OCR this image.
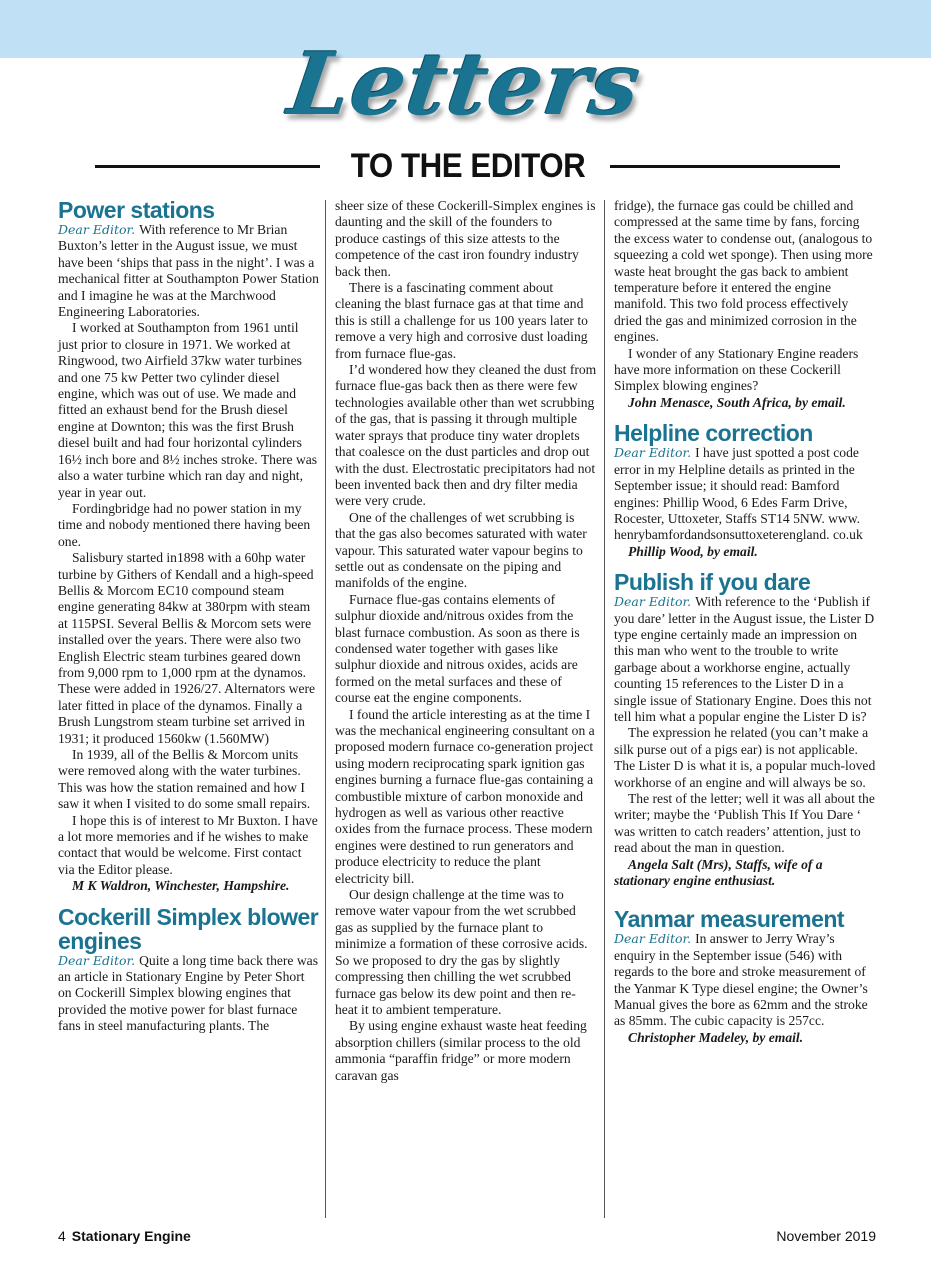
Letters
TO THE EDITOR
Power stations

Dear Editor. With reference to Mr Brian Buxton’s letter in the August issue, we must have been ‘ships that pass in the night’. I was a mechanical fitter at Southampton Power Station and I imagine he was at the Marchwood Engineering Laboratories.

I worked at Southampton from 1961 until just prior to closure in 1971. We worked at Ringwood, two Airfield 37kw water turbines and one 75 kw Petter two cylinder diesel engine, which was out of use. We made and fitted an exhaust bend for the Brush diesel engine at Downton; this was the first Brush diesel built and had four horizontal cylinders 16½ inch bore and 8½ inches stroke. There was also a water turbine which ran day and night, year in year out.

Fordingbridge had no power station in my time and nobody mentioned there having been one.

Salisbury started in1898 with a 60hp water turbine by Githers of Kendall and a high-speed Bellis & Morcom EC10 compound steam engine generating 84kw at 380rpm with steam at 115PSI. Several Bellis & Morcom sets were installed over the years. There were also two English Electric steam turbines geared down from 9,000 rpm to 1,000 rpm at the dynamos. These were added in 1926/27. Alternators were later fitted in place of the dynamos. Finally a Brush Lungstrom steam turbine set arrived in 1931; it produced 1560kw (1.560MW)

In 1939, all of the Bellis & Morcom units were removed along with the water turbines. This was how the station remained and how I saw it when I visited to do some small repairs.

I hope this is of interest to Mr Buxton. I have a lot more memories and if he wishes to make contact that would be welcome. First contact via the Editor please.

M K Waldron, Winchester, Hampshire.

Cockerill Simplex blower engines

Dear Editor. Quite a long time back there was an article in Stationary Engine by Peter Short on Cockerill Simplex blowing engines that provided the motive power for blast furnace fans in steel manufacturing plants. The

sheer size of these Cockerill-Simplex engines is daunting and the skill of the founders to produce castings of this size attests to the competence of the cast iron foundry industry back then.

There is a fascinating comment about cleaning the blast furnace gas at that time and this is still a challenge for us 100 years later to remove a very high and corrosive dust loading from furnace flue-gas.

I’d wondered how they cleaned the dust from furnace flue-gas back then as there were few technologies available other than wet scrubbing of the gas, that is passing it through multiple water sprays that produce tiny water droplets that coalesce on the dust particles and drop out with the dust. Electrostatic precipitators had not been invented back then and dry filter media were very crude.

One of the challenges of wet scrubbing is that the gas also becomes saturated with water vapour. This saturated water vapour begins to settle out as condensate on the piping and manifolds of the engine.

Furnace flue-gas contains elements of sulphur dioxide and/nitrous oxides from the blast furnace combustion. As soon as there is condensed water together with gases like sulphur dioxide and nitrous oxides, acids are formed on the metal surfaces and these of course eat the engine components.

I found the article interesting as at the time I was the mechanical engineering consultant on a proposed modern furnace co-generation project using modern reciprocating spark ignition gas engines burning a furnace flue-gas containing a combustible mixture of carbon monoxide and hydrogen as well as various other reactive oxides from the furnace process. These modern engines were destined to run generators and produce electricity to reduce the plant electricity bill.

Our design challenge at the time was to remove water vapour from the wet scrubbed gas as supplied by the furnace plant to minimize a formation of these corrosive acids. So we proposed to dry the gas by slightly compressing then chilling the wet scrubbed furnace gas below its dew point and then re-heat it to ambient temperature.

By using engine exhaust waste heat feeding absorption chillers (similar process to the old ammonia “paraffin fridge” or more modern caravan gas

fridge), the furnace gas could be chilled and compressed at the same time by fans, forcing the excess water to condense out, (analogous to squeezing a cold wet sponge). Then using more waste heat brought the gas back to ambient temperature before it entered the engine manifold. This two fold process effectively dried the gas and minimized corrosion in the engines.

I wonder of any Stationary Engine readers have more information on these Cockerill Simplex blowing engines?

John Menasce, South Africa, by email.

Helpline correction

Dear Editor. I have just spotted a post code error in my Helpline details as printed in the September issue; it should read: Bamford engines: Phillip Wood, 6 Edes Farm Drive, Rocester, Uttoxeter, Staffs ST14 5NW. www. henrybamfordandsonsuttoxeterengland. co.uk

Phillip Wood, by email.

Publish if you dare

Dear Editor. With reference to the ‘Publish if you dare’ letter in the August issue, the Lister D type engine certainly made an impression on this man who went to the trouble to write garbage about a workhorse engine, actually counting 15 references to the Lister D in a single issue of Stationary Engine. Does this not tell him what a popular engine the Lister D is?

The expression he related (you can’t make a silk purse out of a pigs ear) is not applicable. The Lister D is what it is, a popular much-loved workhorse of an engine and will always be so.

The rest of the letter; well it was all about the writer; maybe the ‘Publish This If You Dare ‘ was written to catch readers’ attention, just to read about the man in question.

Angela Salt (Mrs), Staffs, wife of a stationary engine enthusiast.

Yanmar measurement

Dear Editor. In answer to Jerry Wray’s enquiry in the September issue (546) with regards to the bore and stroke measurement of the Yanmar K Type diesel engine; the Owner’s Manual gives the bore as 62mm and the stroke as 85mm. The cubic capacity is 257cc.

Christopher Madeley, by email.

4 Stationary Engine	November 2019
